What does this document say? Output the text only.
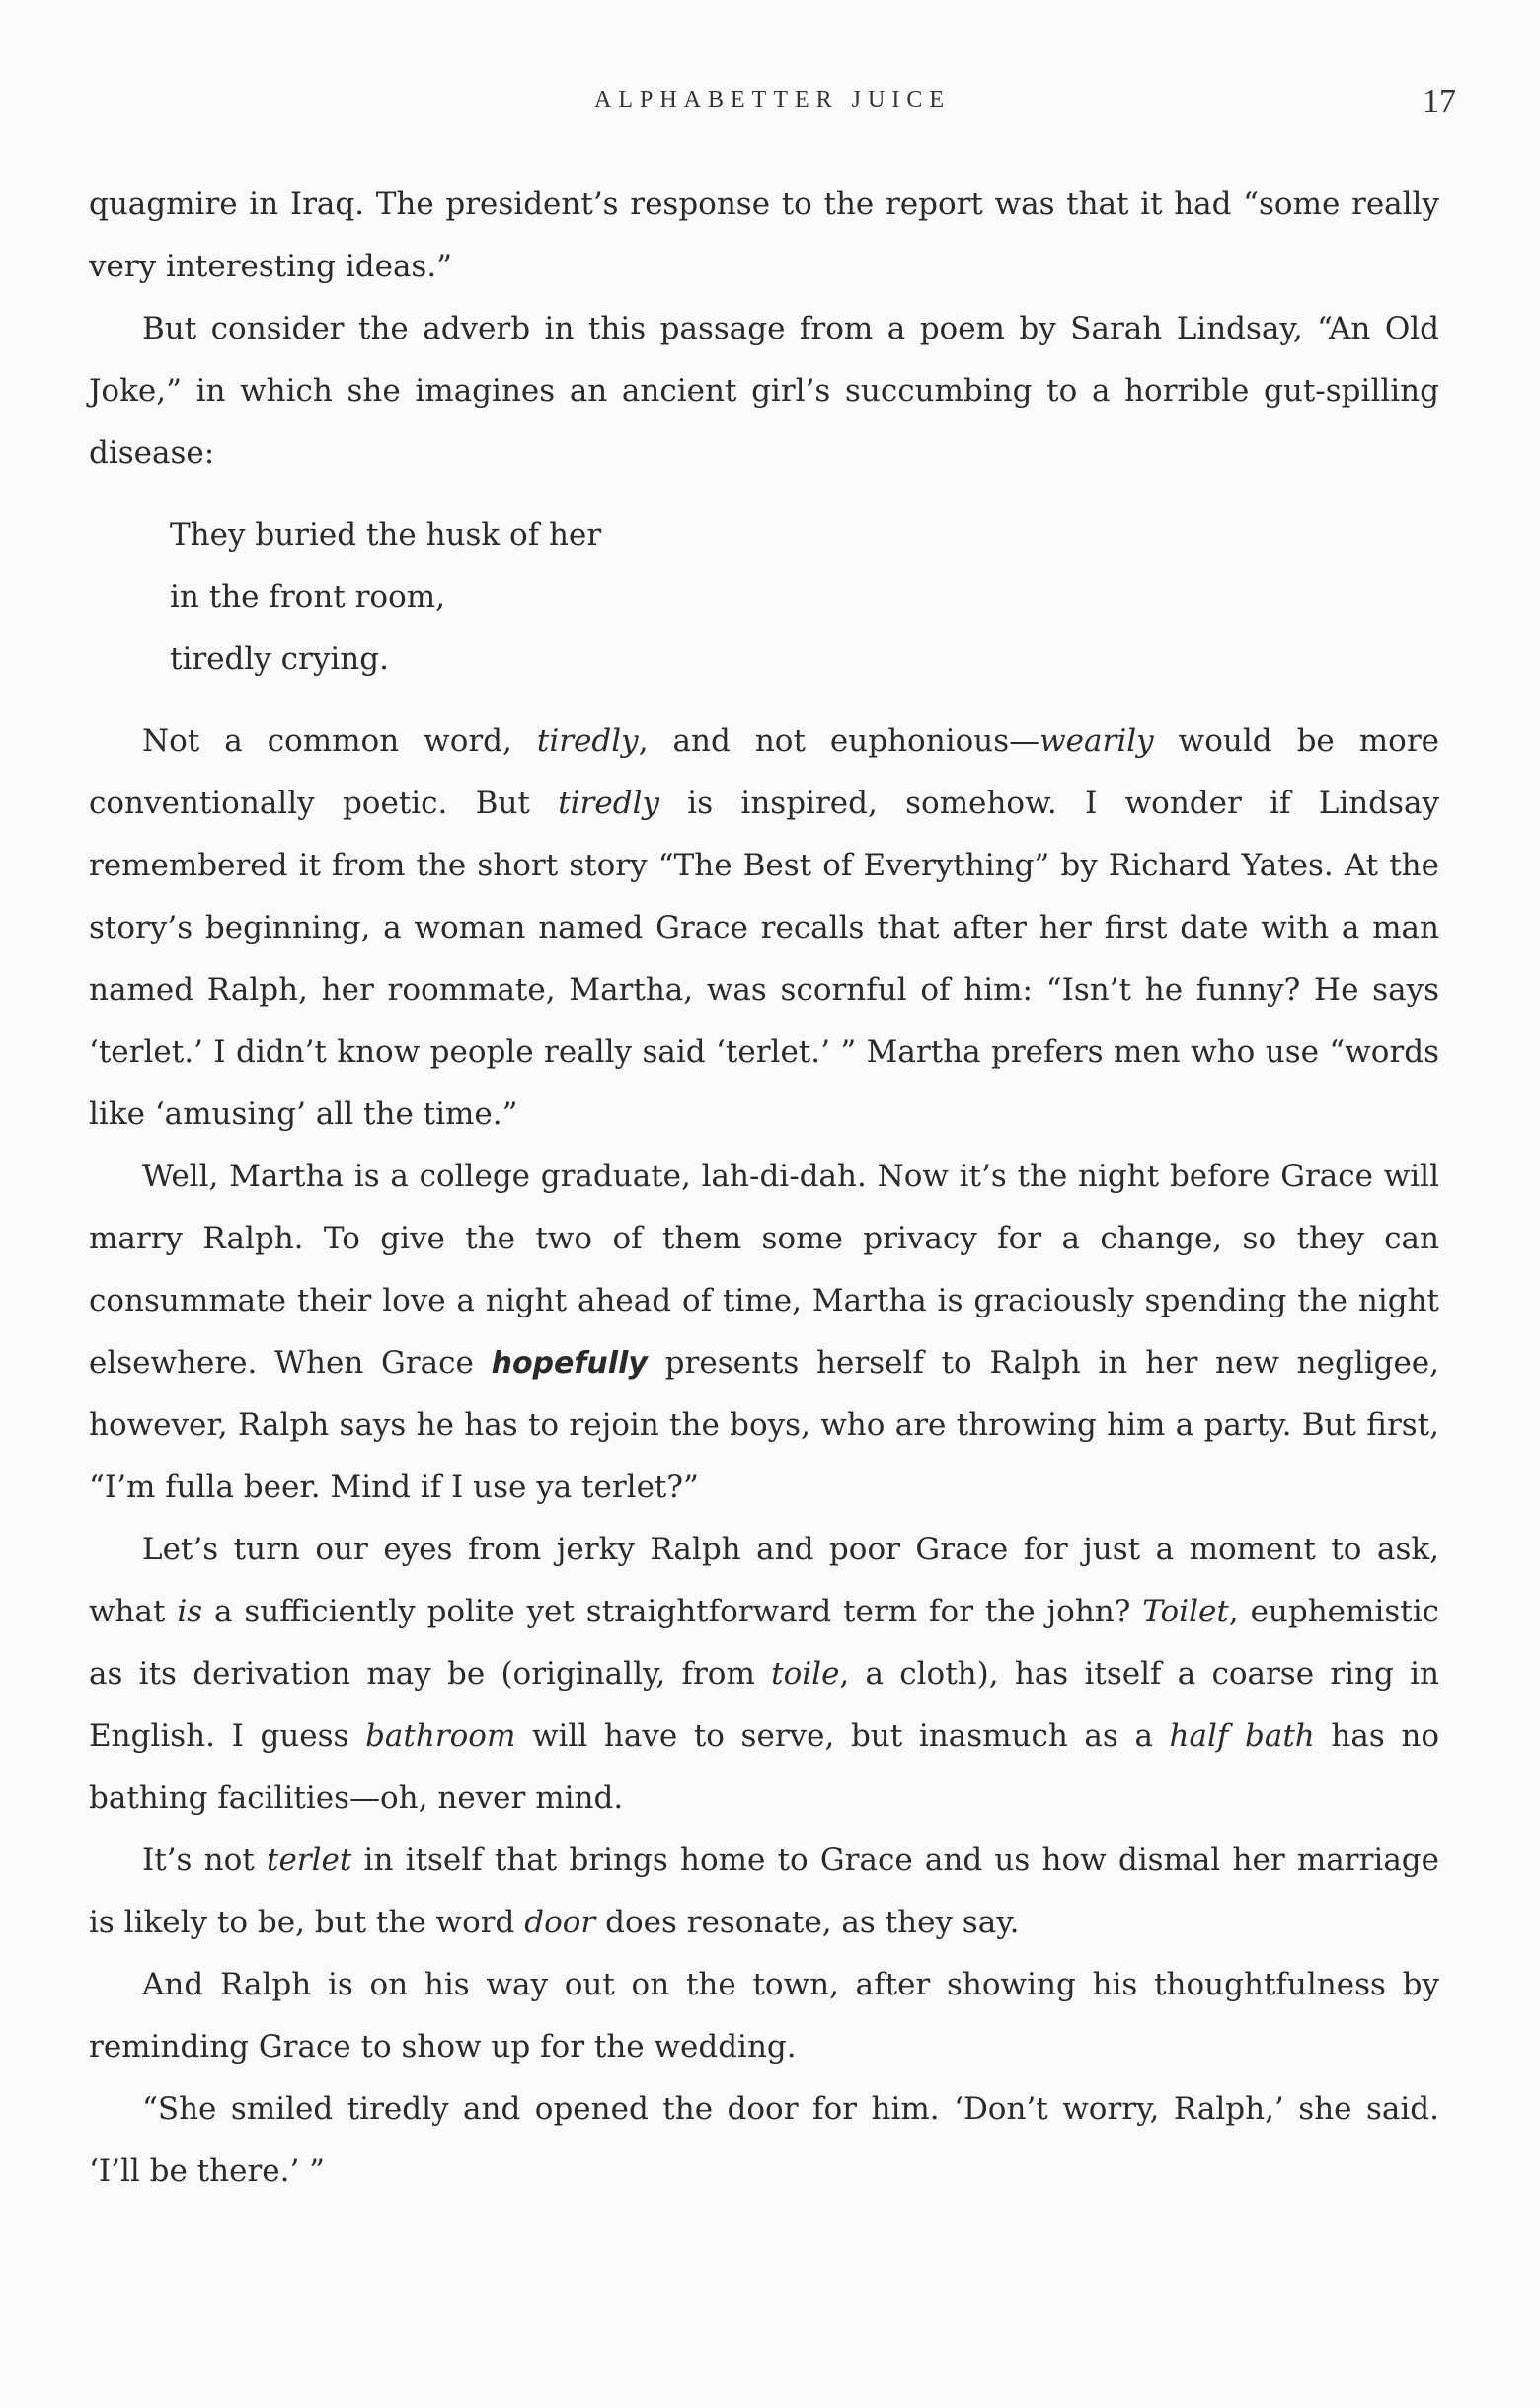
ALPHABETTER JUICE	17

quagmire in Iraq. The president’s response to the report was that it had “some really very interesting ideas.”

But consider the adverb in this passage from a poem by Sarah Lindsay, “An Old Joke,” in which she imagines an ancient girl’s succumbing to a horrible gut-spilling disease:

They buried the husk of her
in the front room,
tiredly crying.

Not a common word, tiredly, and not euphonious—wearily would be more conventionally poetic. But tiredly is inspired, somehow. I wonder if Lindsay remembered it from the short story “The Best of Everything” by Richard Yates. At the story’s beginning, a woman named Grace recalls that after her first date with a man named Ralph, her roommate, Martha, was scornful of him: “Isn’t he funny? He says ‘terlet.’ I didn’t know people really said ‘terlet.’ ” Martha prefers men who use “words like ‘amusing’ all the time.”

Well, Martha is a college graduate, lah-di-dah. Now it’s the night before Grace will marry Ralph. To give the two of them some privacy for a change, so they can consummate their love a night ahead of time, Martha is graciously spending the night elsewhere. When Grace hopefully presents herself to Ralph in her new negligee, however, Ralph says he has to rejoin the boys, who are throwing him a party. But first, “I’m fulla beer. Mind if I use ya terlet?”

Let’s turn our eyes from jerky Ralph and poor Grace for just a moment to ask, what is a sufficiently polite yet straightforward term for the john? Toilet, euphemistic as its derivation may be (originally, from toile, a cloth), has itself a coarse ring in English. I guess bathroom will have to serve, but inasmuch as a half bath has no bathing facilities—oh, never mind.

It’s not terlet in itself that brings home to Grace and us how dismal her marriage is likely to be, but the word door does resonate, as they say.

And Ralph is on his way out on the town, after showing his thoughtfulness by reminding Grace to show up for the wedding.

“She smiled tiredly and opened the door for him. ‘Don’t worry, Ralph,’ she said. ‘I’ll be there.’ ”
